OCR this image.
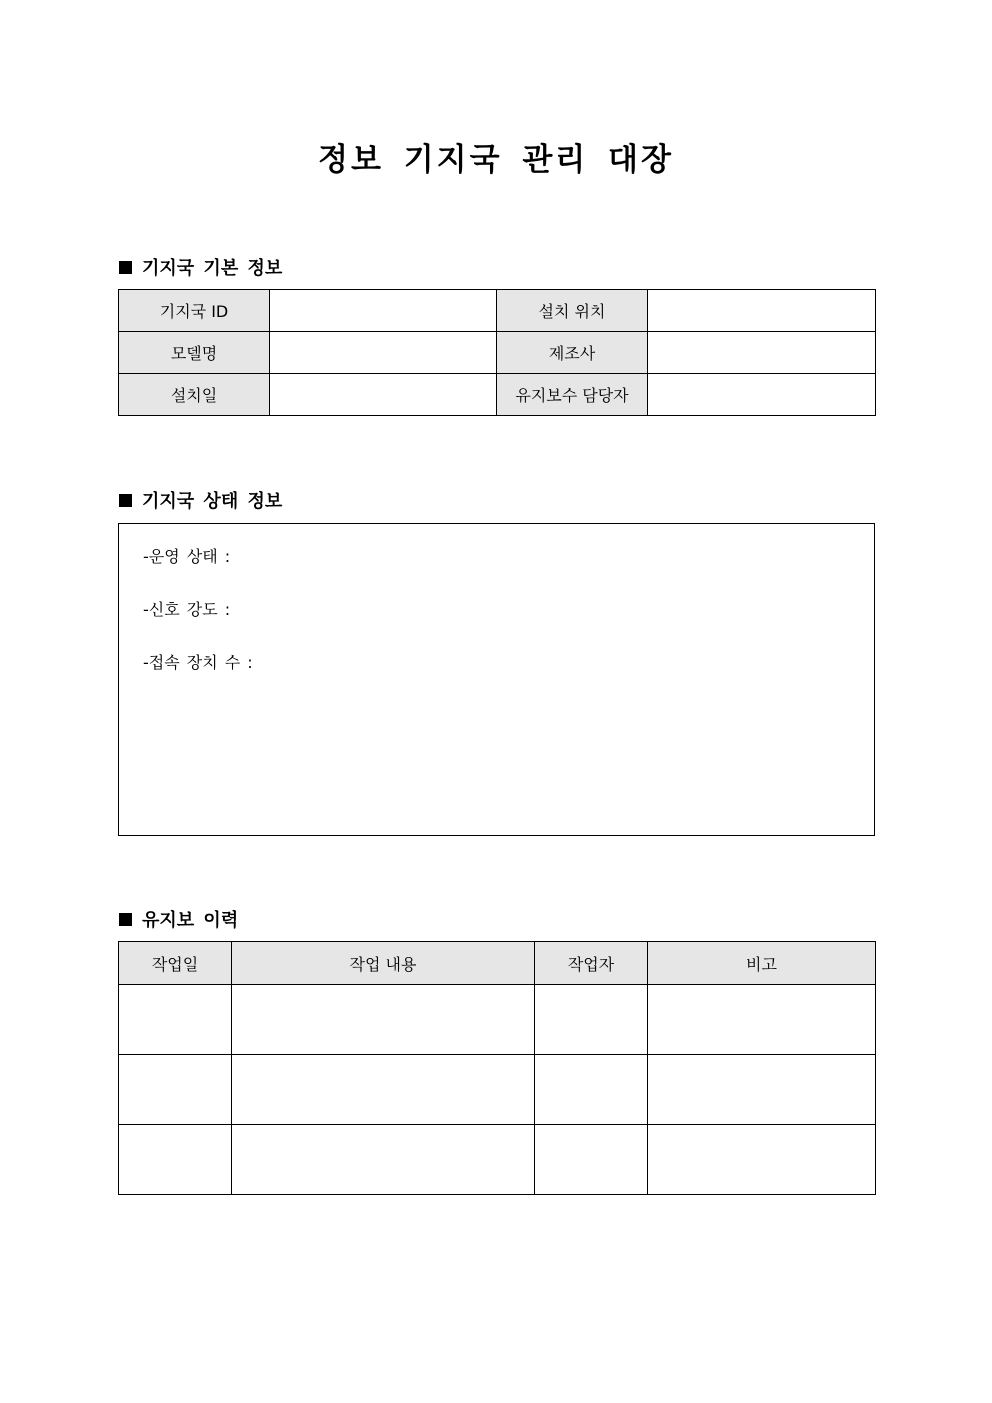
정보 기지국 관리 대장
기지국 기본 정보
기지국 ID		설치 위치	
모델명		제조사	
설치일		유지보수 담당자	
기지국 상태 정보
-운영 상태 :
-신호 강도 :
-접속 장치 수 :
유지보 이력
작업일	작업 내용	작업자	비고
